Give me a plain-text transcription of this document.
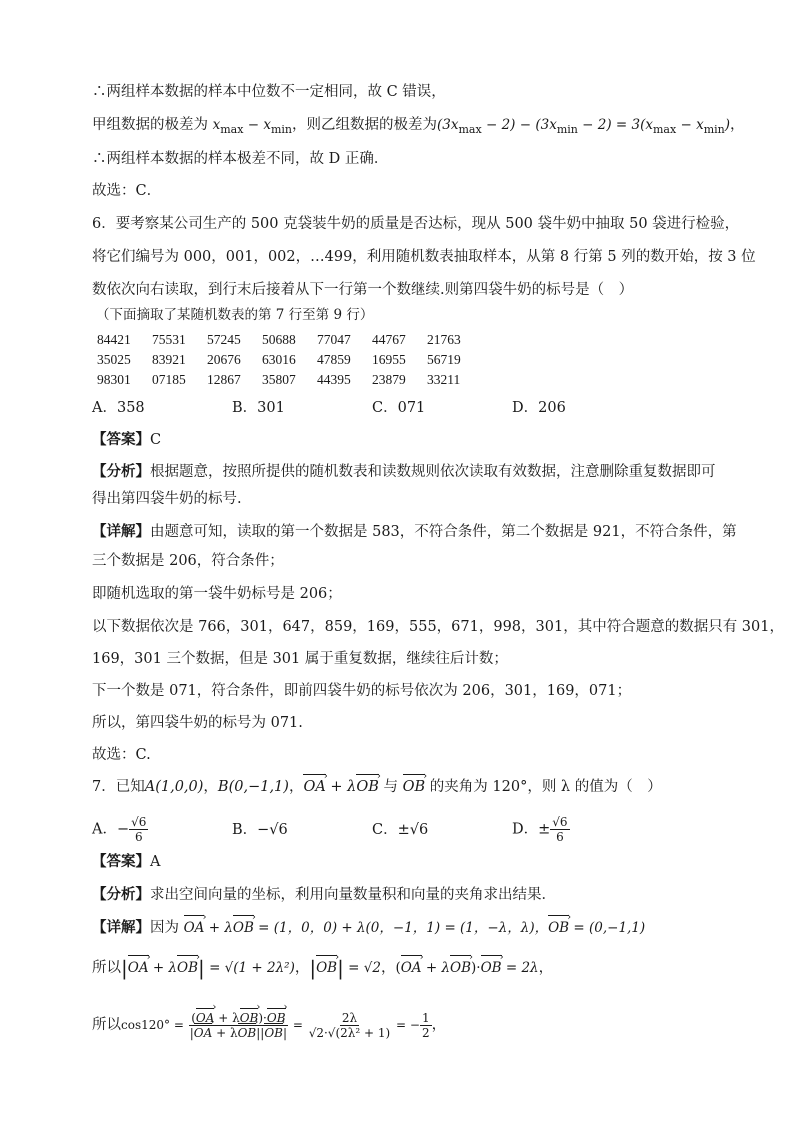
∴两组样本数据的样本中位数不一定相同，故 C 错误，
甲组数据的极差为 $x_{max} - x_{min}$，则乙组数据的极差为$(3x_{max} - 2) - (3x_{min} - 2) = 3(x_{max} - x_{min})$，
∴两组样本数据的样本极差不同，故 D 正确．
故选：C．
6．要考察某公司生产的 500 克袋装牛奶的质量是否达标，现从 500 袋牛奶中抽取 50 袋进行检验，
将它们编号为 000，001，002，…499，利用随机数表抽取样本，从第 8 行第 5 列的数开始，按 3 位
数依次向右读取，到行末后接着从下一行第一个数继续.则第四袋牛奶的标号是（　）
（下面摘取了某随机数表的第 7 行至第 9 行）
84421 75531 57245 50688 77047 44767 21763
35025 83921 20676 63016 47859 16955 56719
98301 07185 12867 35807 44395 23879 33211
A．358	B．301	C．071	D．206
【答案】C
【分析】根据题意，按照所提供的随机数表和读数规则依次读取有效数据，注意删除重复数据即可
得出第四袋牛奶的标号.
【详解】由题意可知，读取的第一个数据是 583，不符合条件，第二个数据是 921，不符合条件，第
三个数据是 206，符合条件；
即随机选取的第一袋牛奶标号是 206；
以下数据依次是 766，301，647，859，169，555，671，998，301，其中符合题意的数据只有 301，
169，301 三个数据，但是 301 属于重复数据，继续往后计数；
下一个数是 071，符合条件，即前四袋牛奶的标号依次为 206，301，169，071；
所以，第四袋牛奶的标号为 071.
故选：C.
7．已知A(1,0,0)，B(0,−1,1)，OA › + λOB › 与 OB › 的夹角为 120°，则 λ 的值为（　）
A．− $\frac{√6}{6}$	B．−√6	C．±√6	D．± $\frac{√6}{6}$
【答案】A
【分析】求出空间向量的坐标，利用向量数量积和向量的夹角求出结果．
【详解】因为 OA › + λOB › = (1，0，0) + λ(0，−1，1) = (1，−λ，λ)，OB › = (0,−1,1)
所以|OA › + λOB ›| = √(1 + 2λ²)，|OB ›| = √2，(OA › + λOB ›)·OB › = 2λ，
所以$\cos 120^\circ = \frac{\text{(OA › + λOB ›)·OB ›}}{\text{|OA › + λOB ›||OB ›|}} = \frac{2\lambda}{\text{√2·√(2λ² + 1)}}$ = − $\frac{1}{2}$ ，
